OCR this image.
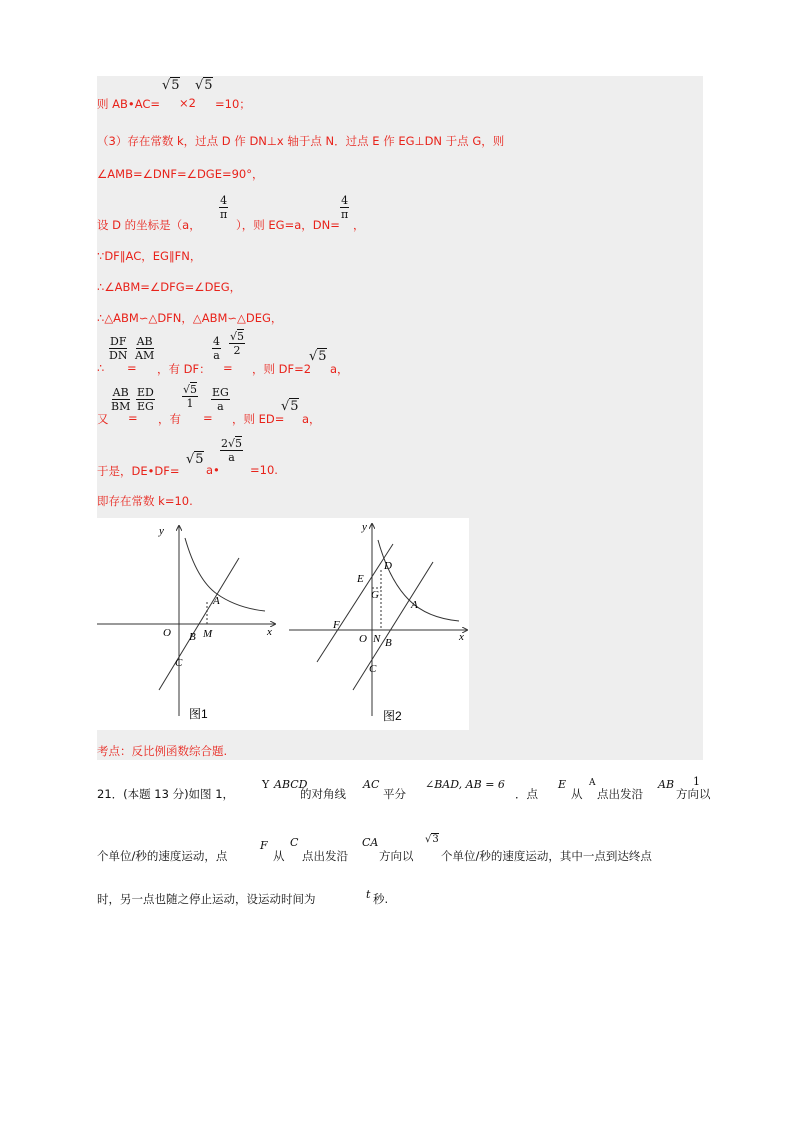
则 AB•AC=
√5
×2
√5
=10；
（3）存在常数 k，过点 D 作 DN⊥x 轴于点 N．过点 E 作 EG⊥DN 于点 G，则
∠AMB=∠DNF=∠DGE=90°，
设 D 的坐标是（a，
$\frac{4}{\pi}$
），则 EG=a，DN=
$\frac{4}{\pi}$
，
∵DF∥AC，EG∥FN，
∴∠ABM=∠DFG=∠DEG，
∴△ABM∽△DFN，△ABM∽△DEG，
∴
$\frac{DF}{DN}$
=
$\frac{AB}{AM}$
，有 DF：
$\frac{4}{a}$
=
$\frac{√5}{2}$
，则 DF=2
√5
a，
又
$\frac{AB}{BM}$
=
$\frac{ED}{EG}$
，有
$\frac{√5}{1}$
=
$\frac{EG}{a}$
，则 ED=
√5
a，
于是，DE•DF=
√5
a•
$\frac{2√5}{a}$
=10.
即存在常数 k=10.
y
x
O
A
B M
C
图1
y
x
D
E
G
A
F
O N B
C
图2
考点：反比例函数综合题.
21．(本题 13 分)如图 1，
Y ABCD
的对角线
AC
平分
∠BAD, AB = 6
．点
E
从
A
点出发沿
AB
方向以
1
个单位/秒的速度运动，点
F
从
C
点出发沿
CA
方向以
√3
个单位/秒的速度运动，其中一点到达终点
时，另一点也随之停止运动，设运动时间为	t 秒.
